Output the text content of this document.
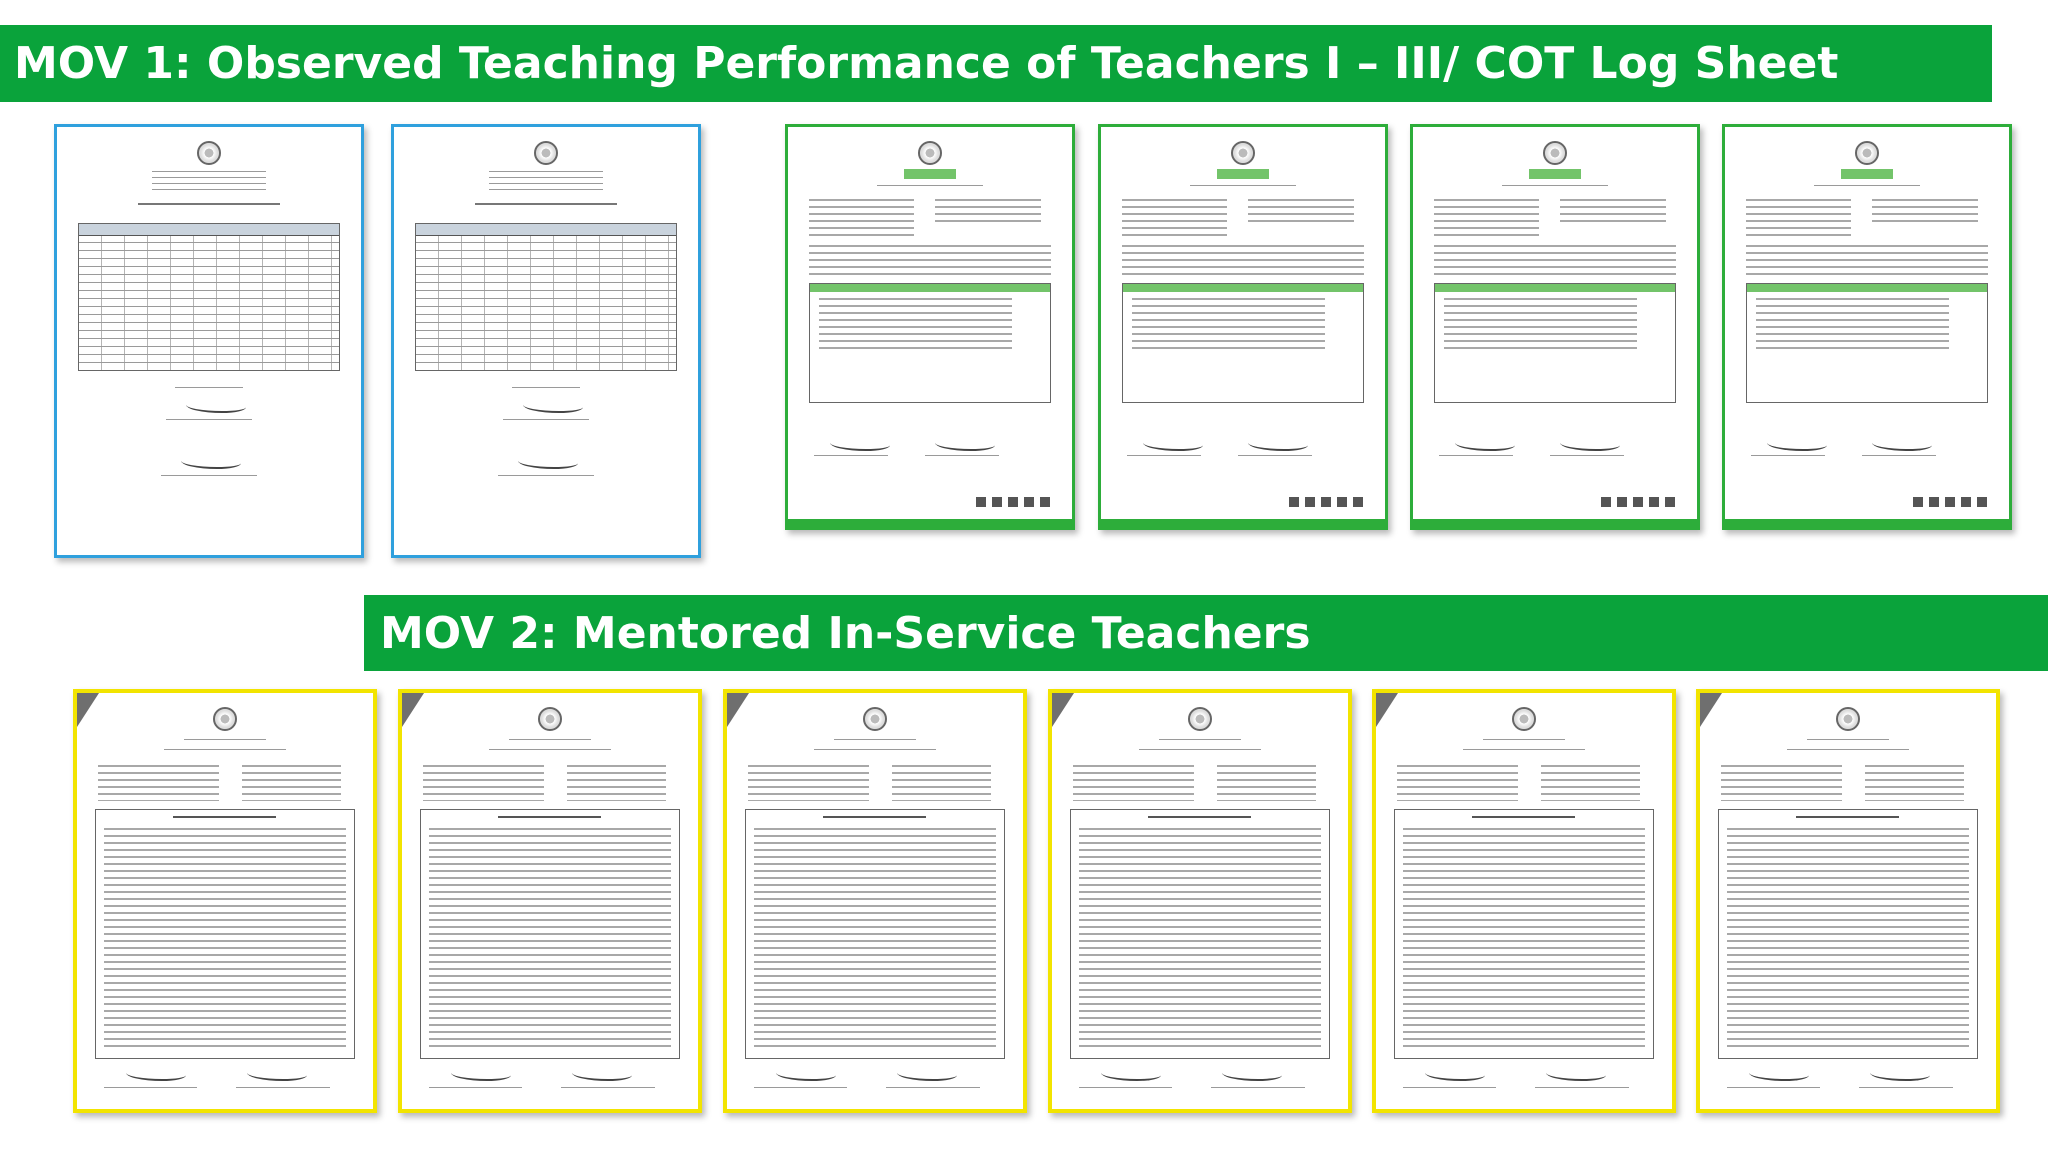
MOV 1: Observed Teaching Performance of Teachers I – III/ COT Log Sheet
MOV 2: Mentored In-Service Teachers
